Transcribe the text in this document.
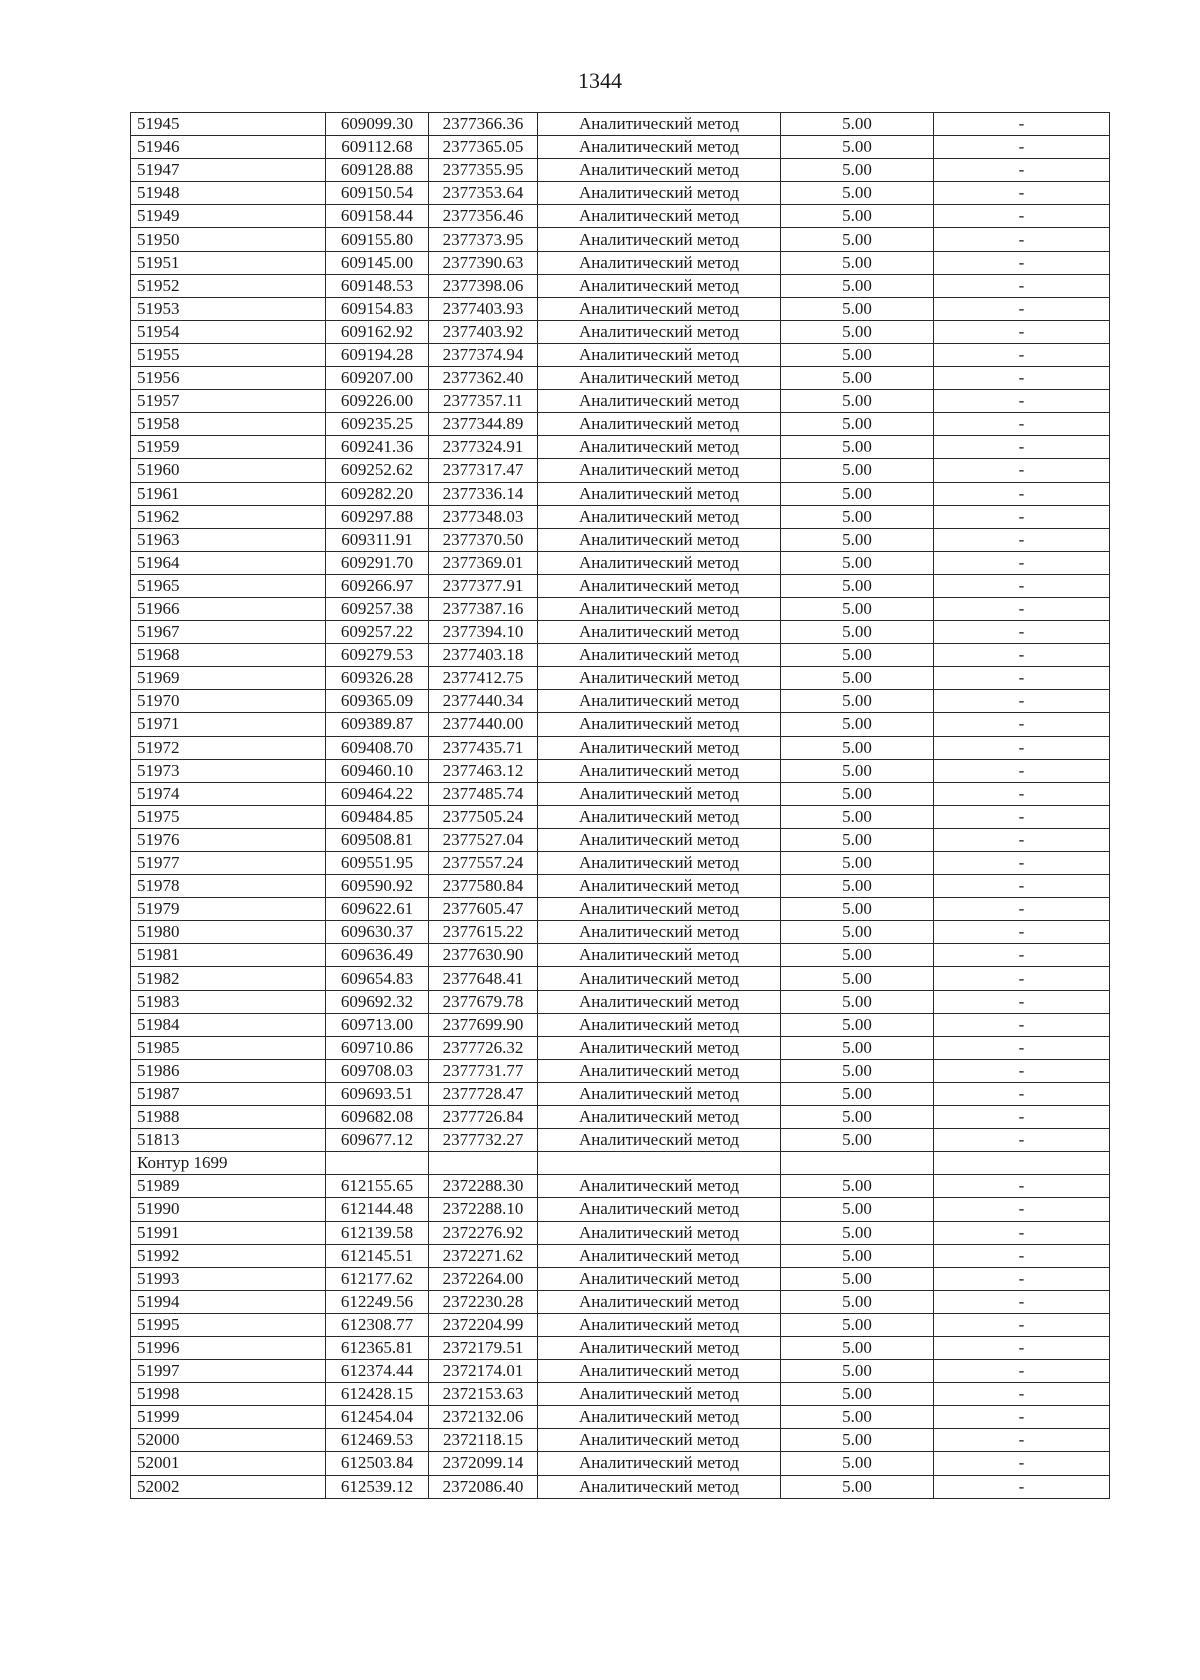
1344
51945	609099.30	2377366.36	Аналитический метод	5.00	-
51946	609112.68	2377365.05	Аналитический метод	5.00	-
51947	609128.88	2377355.95	Аналитический метод	5.00	-
51948	609150.54	2377353.64	Аналитический метод	5.00	-
51949	609158.44	2377356.46	Аналитический метод	5.00	-
51950	609155.80	2377373.95	Аналитический метод	5.00	-
51951	609145.00	2377390.63	Аналитический метод	5.00	-
51952	609148.53	2377398.06	Аналитический метод	5.00	-
51953	609154.83	2377403.93	Аналитический метод	5.00	-
51954	609162.92	2377403.92	Аналитический метод	5.00	-
51955	609194.28	2377374.94	Аналитический метод	5.00	-
51956	609207.00	2377362.40	Аналитический метод	5.00	-
51957	609226.00	2377357.11	Аналитический метод	5.00	-
51958	609235.25	2377344.89	Аналитический метод	5.00	-
51959	609241.36	2377324.91	Аналитический метод	5.00	-
51960	609252.62	2377317.47	Аналитический метод	5.00	-
51961	609282.20	2377336.14	Аналитический метод	5.00	-
51962	609297.88	2377348.03	Аналитический метод	5.00	-
51963	609311.91	2377370.50	Аналитический метод	5.00	-
51964	609291.70	2377369.01	Аналитический метод	5.00	-
51965	609266.97	2377377.91	Аналитический метод	5.00	-
51966	609257.38	2377387.16	Аналитический метод	5.00	-
51967	609257.22	2377394.10	Аналитический метод	5.00	-
51968	609279.53	2377403.18	Аналитический метод	5.00	-
51969	609326.28	2377412.75	Аналитический метод	5.00	-
51970	609365.09	2377440.34	Аналитический метод	5.00	-
51971	609389.87	2377440.00	Аналитический метод	5.00	-
51972	609408.70	2377435.71	Аналитический метод	5.00	-
51973	609460.10	2377463.12	Аналитический метод	5.00	-
51974	609464.22	2377485.74	Аналитический метод	5.00	-
51975	609484.85	2377505.24	Аналитический метод	5.00	-
51976	609508.81	2377527.04	Аналитический метод	5.00	-
51977	609551.95	2377557.24	Аналитический метод	5.00	-
51978	609590.92	2377580.84	Аналитический метод	5.00	-
51979	609622.61	2377605.47	Аналитический метод	5.00	-
51980	609630.37	2377615.22	Аналитический метод	5.00	-
51981	609636.49	2377630.90	Аналитический метод	5.00	-
51982	609654.83	2377648.41	Аналитический метод	5.00	-
51983	609692.32	2377679.78	Аналитический метод	5.00	-
51984	609713.00	2377699.90	Аналитический метод	5.00	-
51985	609710.86	2377726.32	Аналитический метод	5.00	-
51986	609708.03	2377731.77	Аналитический метод	5.00	-
51987	609693.51	2377728.47	Аналитический метод	5.00	-
51988	609682.08	2377726.84	Аналитический метод	5.00	-
51813	609677.12	2377732.27	Аналитический метод	5.00	-
Контур 1699					
51989	612155.65	2372288.30	Аналитический метод	5.00	-
51990	612144.48	2372288.10	Аналитический метод	5.00	-
51991	612139.58	2372276.92	Аналитический метод	5.00	-
51992	612145.51	2372271.62	Аналитический метод	5.00	-
51993	612177.62	2372264.00	Аналитический метод	5.00	-
51994	612249.56	2372230.28	Аналитический метод	5.00	-
51995	612308.77	2372204.99	Аналитический метод	5.00	-
51996	612365.81	2372179.51	Аналитический метод	5.00	-
51997	612374.44	2372174.01	Аналитический метод	5.00	-
51998	612428.15	2372153.63	Аналитический метод	5.00	-
51999	612454.04	2372132.06	Аналитический метод	5.00	-
52000	612469.53	2372118.15	Аналитический метод	5.00	-
52001	612503.84	2372099.14	Аналитический метод	5.00	-
52002	612539.12	2372086.40	Аналитический метод	5.00	-
